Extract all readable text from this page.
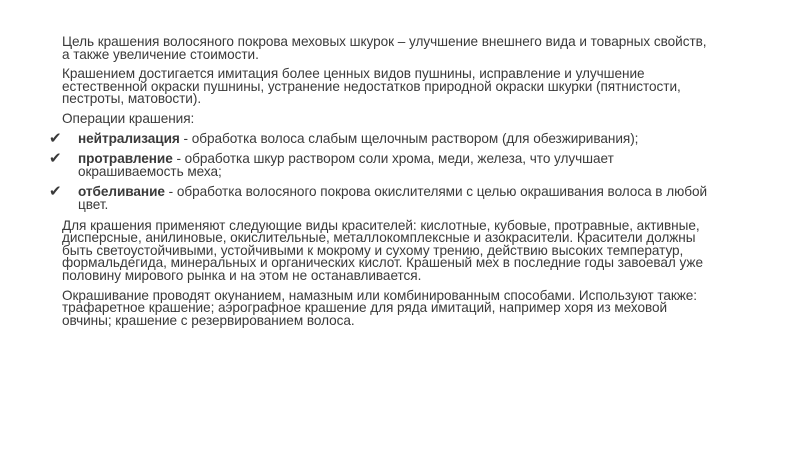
Цель крашения волосяного покрова меховых шкурок – улучшение внешнего вида и товарных свойств, а также увеличение стоимости.

Крашением достигается имитация более ценных видов пушнины, исправление и улучшение естественной окраски пушнины, устранение недостатков природной окраски шкурки (пятнистости, пестроты, матовости).

Операции крашения:

✔ нейтрализация - обработка волоса слабым щелочным раствором (для обезжиривания);
✔ протравление - обработка шкур раствором соли хрома, меди, железа, что улучшает окрашиваемость меха;
✔ отбеливание - обработка волосяного покрова окислителями с целью окрашивания волоса в любой цвет.

Для крашения применяют следующие виды красителей: кислотные, кубовые, протравные, активные, дисперсные, анилиновые, окислительные, металлокомплексные и азокрасители. Красители должны быть светоустойчивыми, устойчивыми к мокрому и сухому трению, действию высоких температур, формальдегида, минеральных и органических кислот. Крашеный мех в последние годы завоевал уже половину мирового рынка и на этом не останавливается.

Окрашивание проводят окунанием, намазным или комбинированным способами. Используют также: трафаретное крашение; аэрографное крашение для ряда имитаций, например хоря из меховой овчины; крашение с резервированием волоса.
